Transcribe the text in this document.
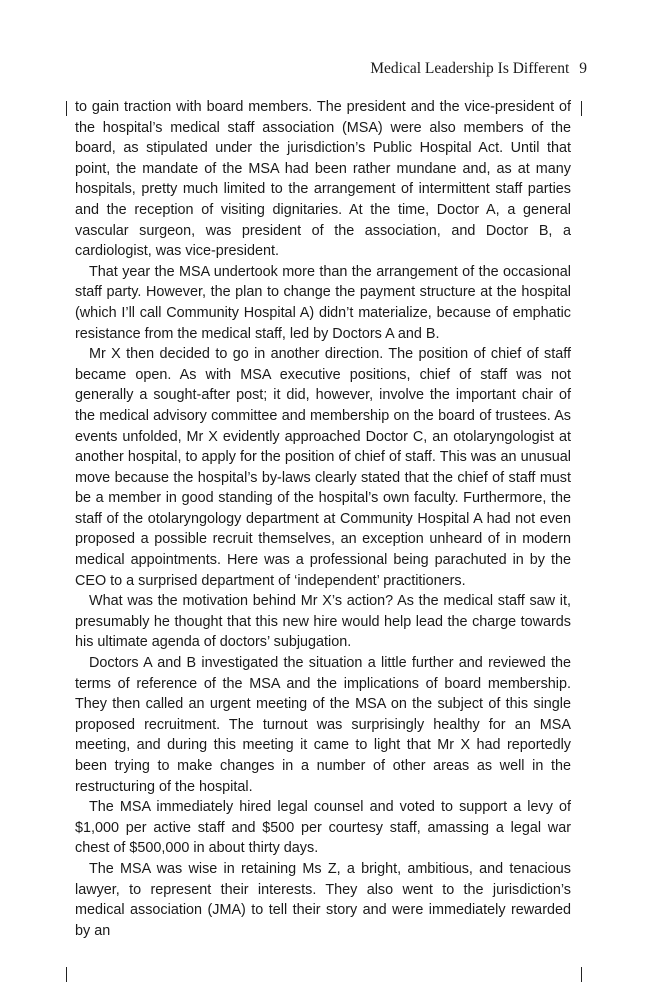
Medical Leadership Is Different 9

to gain traction with board members. The president and the vice-president of the hospital’s medical staff association (MSA) were also members of the board, as stipulated under the jurisdiction’s Public Hospital Act. Until that point, the mandate of the MSA had been rather mundane and, as at many hospitals, pretty much limited to the arrangement of intermittent staff parties and the reception of visiting dignitaries. At the time, Doctor A, a general vascular surgeon, was president of the association, and Doctor B, a cardiologist, was vice-president.

That year the MSA undertook more than the arrangement of the occasional staff party. However, the plan to change the payment structure at the hospital (which I’ll call Community Hospital A) didn’t materialize, because of emphatic resistance from the medical staff, led by Doctors A and B.

Mr X then decided to go in another direction. The position of chief of staff became open. As with MSA executive positions, chief of staff was not generally a sought-after post; it did, however, involve the important chair of the medical advisory committee and membership on the board of trustees. As events unfolded, Mr X evidently approached Doctor C, an otolaryngologist at another hospital, to apply for the position of chief of staff. This was an unusual move because the hospital’s by-laws clearly stated that the chief of staff must be a member in good standing of the hospital’s own faculty. Furthermore, the staff of the otolaryngology department at Community Hospital A had not even proposed a possible recruit themselves, an exception unheard of in modern medical appointments. Here was a professional being parachuted in by the CEO to a surprised department of ‘independent’ practitioners.

What was the motivation behind Mr X’s action? As the medical staff saw it, presumably he thought that this new hire would help lead the charge towards his ultimate agenda of doctors’ subjugation.

Doctors A and B investigated the situation a little further and reviewed the terms of reference of the MSA and the implications of board membership. They then called an urgent meeting of the MSA on the subject of this single proposed recruitment. The turnout was surprisingly healthy for an MSA meeting, and during this meeting it came to light that Mr X had reportedly been trying to make changes in a number of other areas as well in the restructuring of the hospital.

The MSA immediately hired legal counsel and voted to support a levy of $1,000 per active staff and $500 per courtesy staff, amassing a legal war chest of $500,000 in about thirty days.

The MSA was wise in retaining Ms Z, a bright, ambitious, and tenacious lawyer, to represent their interests. They also went to the jurisdiction’s medical association (JMA) to tell their story and were immediately rewarded by an
